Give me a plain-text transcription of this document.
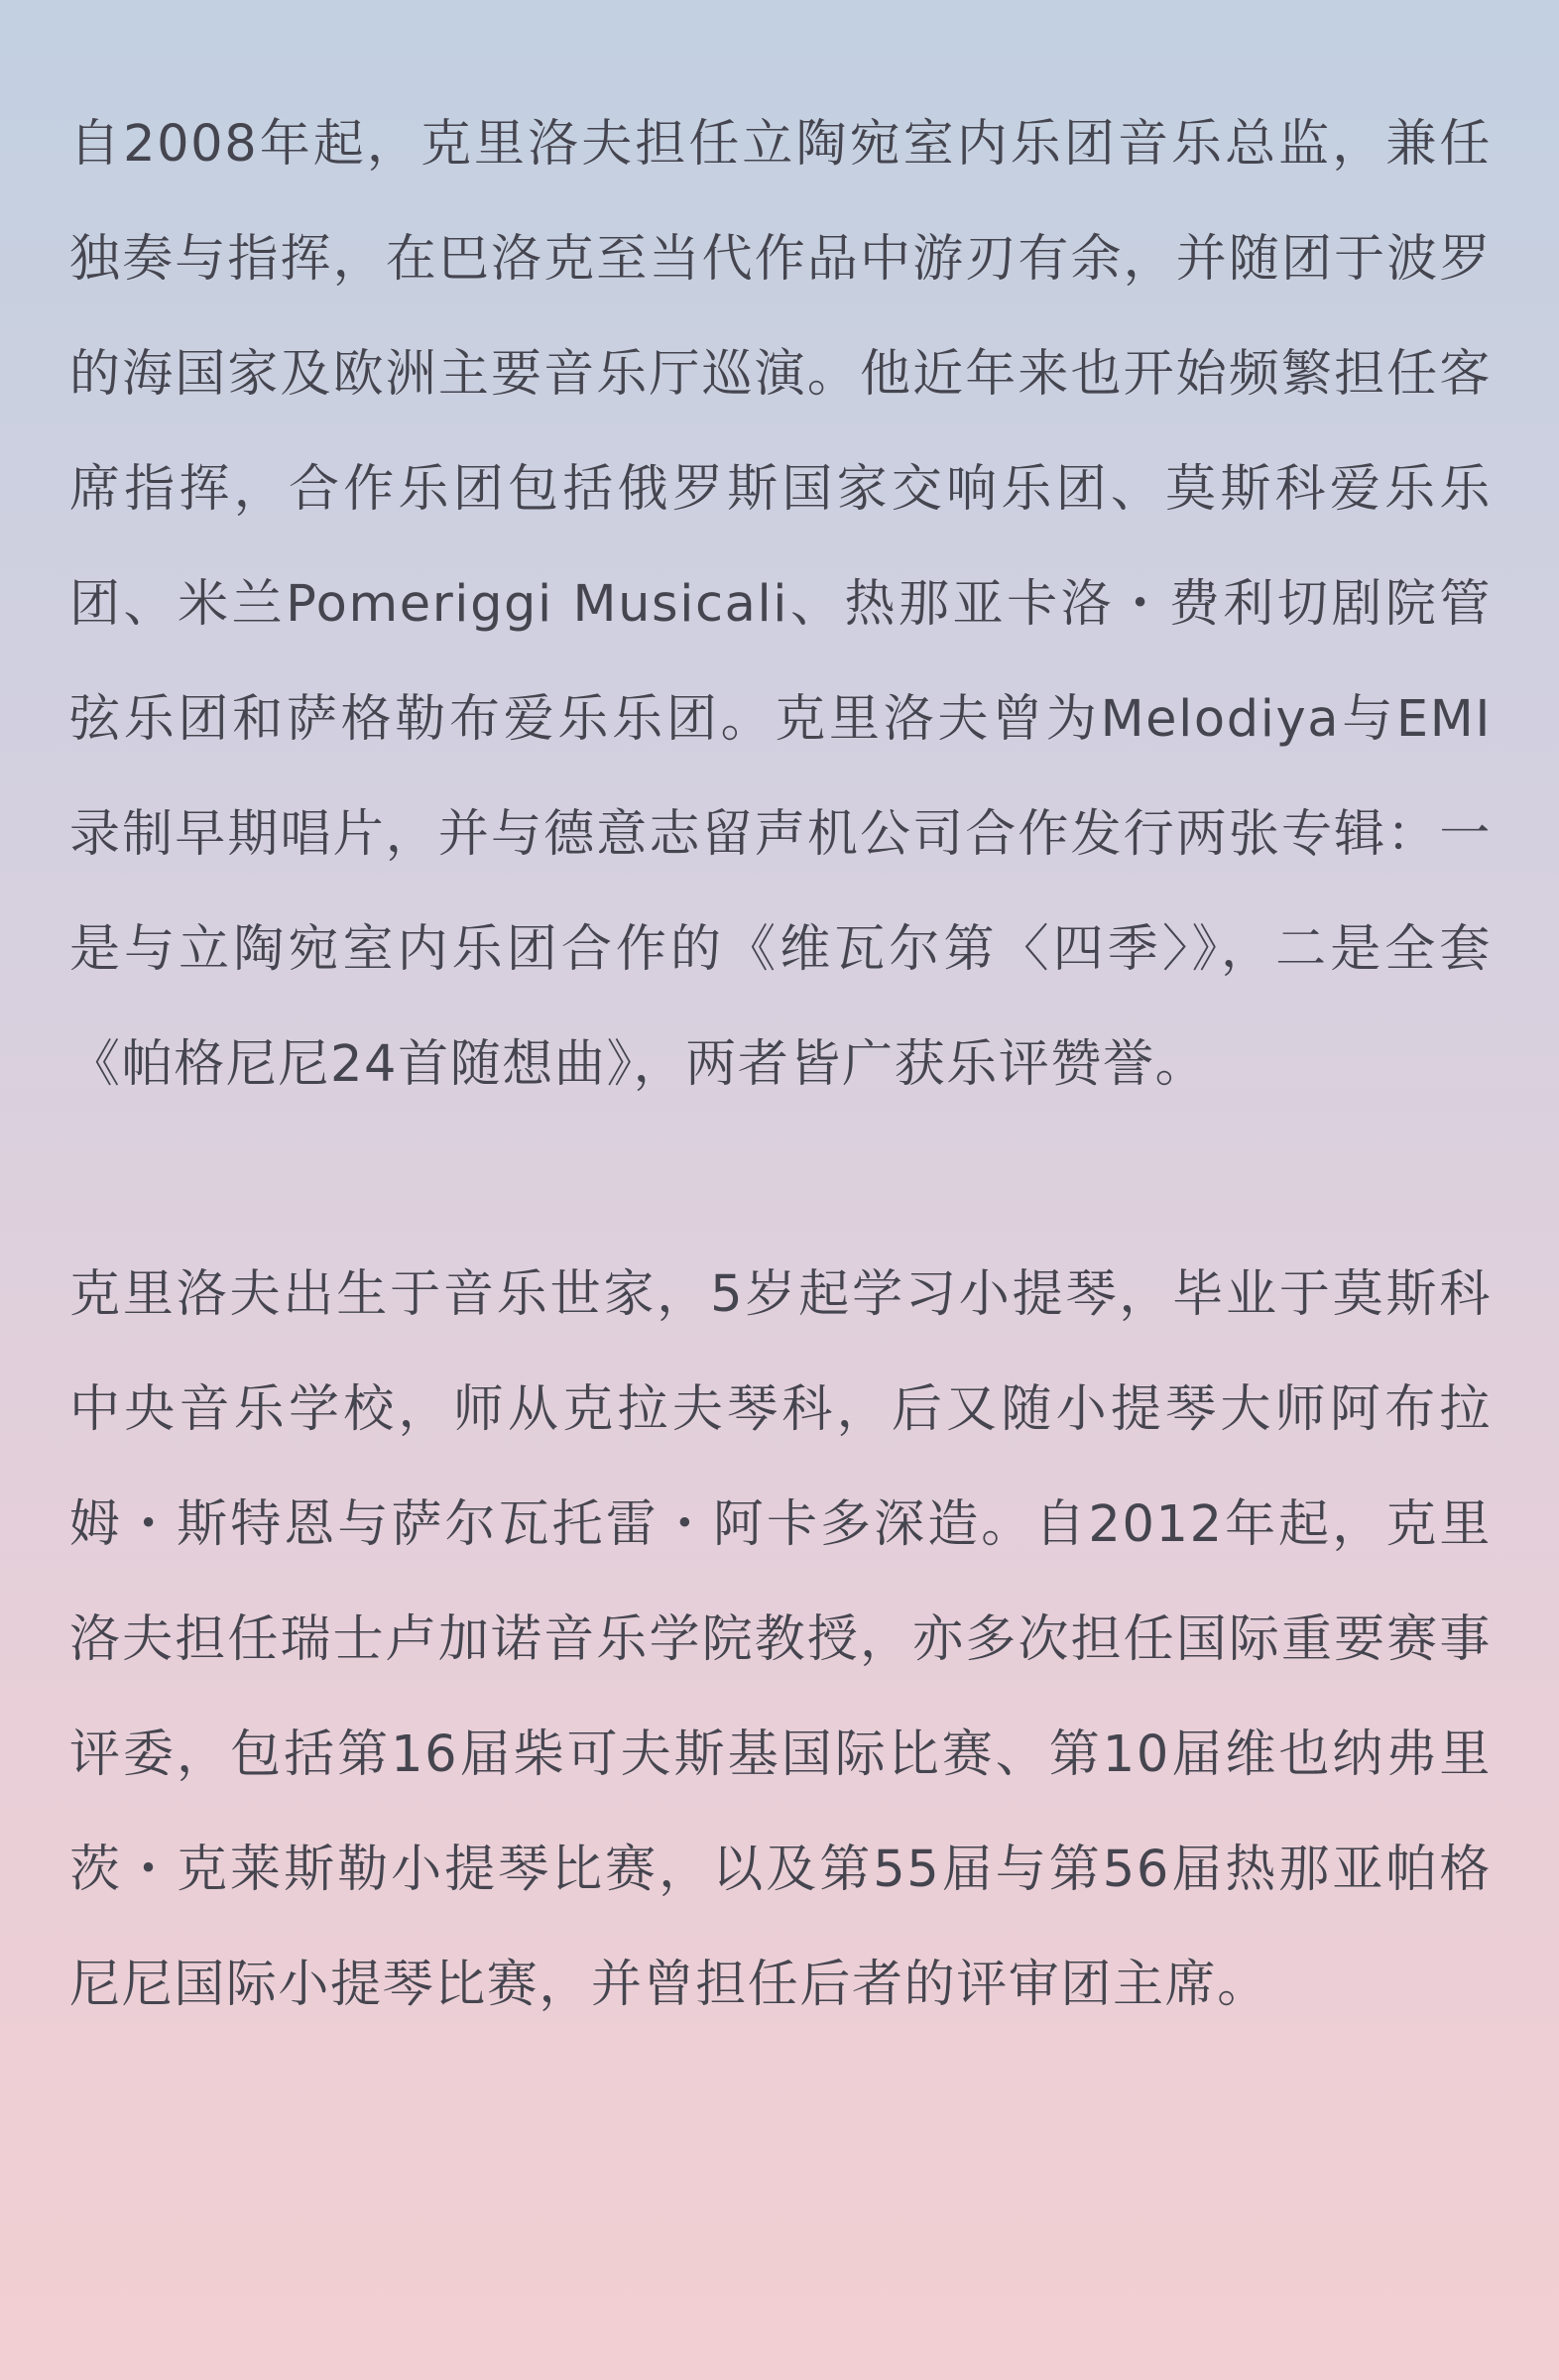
自2008年起，克里洛夫担任立陶宛室内乐团音乐总监，兼任独奏与指挥，在巴洛克至当代作品中游刃有余，并随团于波罗的海国家及欧洲主要音乐厅巡演。他近年来也开始频繁担任客席指挥，合作乐团包括俄罗斯国家交响乐团、莫斯科爱乐乐团、米兰Pomeriggi Musicali、热那亚卡洛・费利切剧院管弦乐团和萨格勒布爱乐乐团。克里洛夫曾为Melodiya与EMI录制早期唱片，并与德意志留声机公司合作发行两张专辑：一是与立陶宛室内乐团合作的《维瓦尔第〈四季〉》，二是全套《帕格尼尼24首随想曲》，两者皆广获乐评赞誉。

克里洛夫出生于音乐世家，5岁起学习小提琴，毕业于莫斯科中央音乐学校，师从克拉夫琴科，后又随小提琴大师阿布拉姆・斯特恩与萨尔瓦托雷・阿卡多深造。自2012年起，克里洛夫担任瑞士卢加诺音乐学院教授，亦多次担任国际重要赛事评委，包括第16届柴可夫斯基国际比赛、第10届维也纳弗里茨・克莱斯勒小提琴比赛，以及第55届与第56届热那亚帕格尼尼国际小提琴比赛，并曾担任后者的评审团主席。
